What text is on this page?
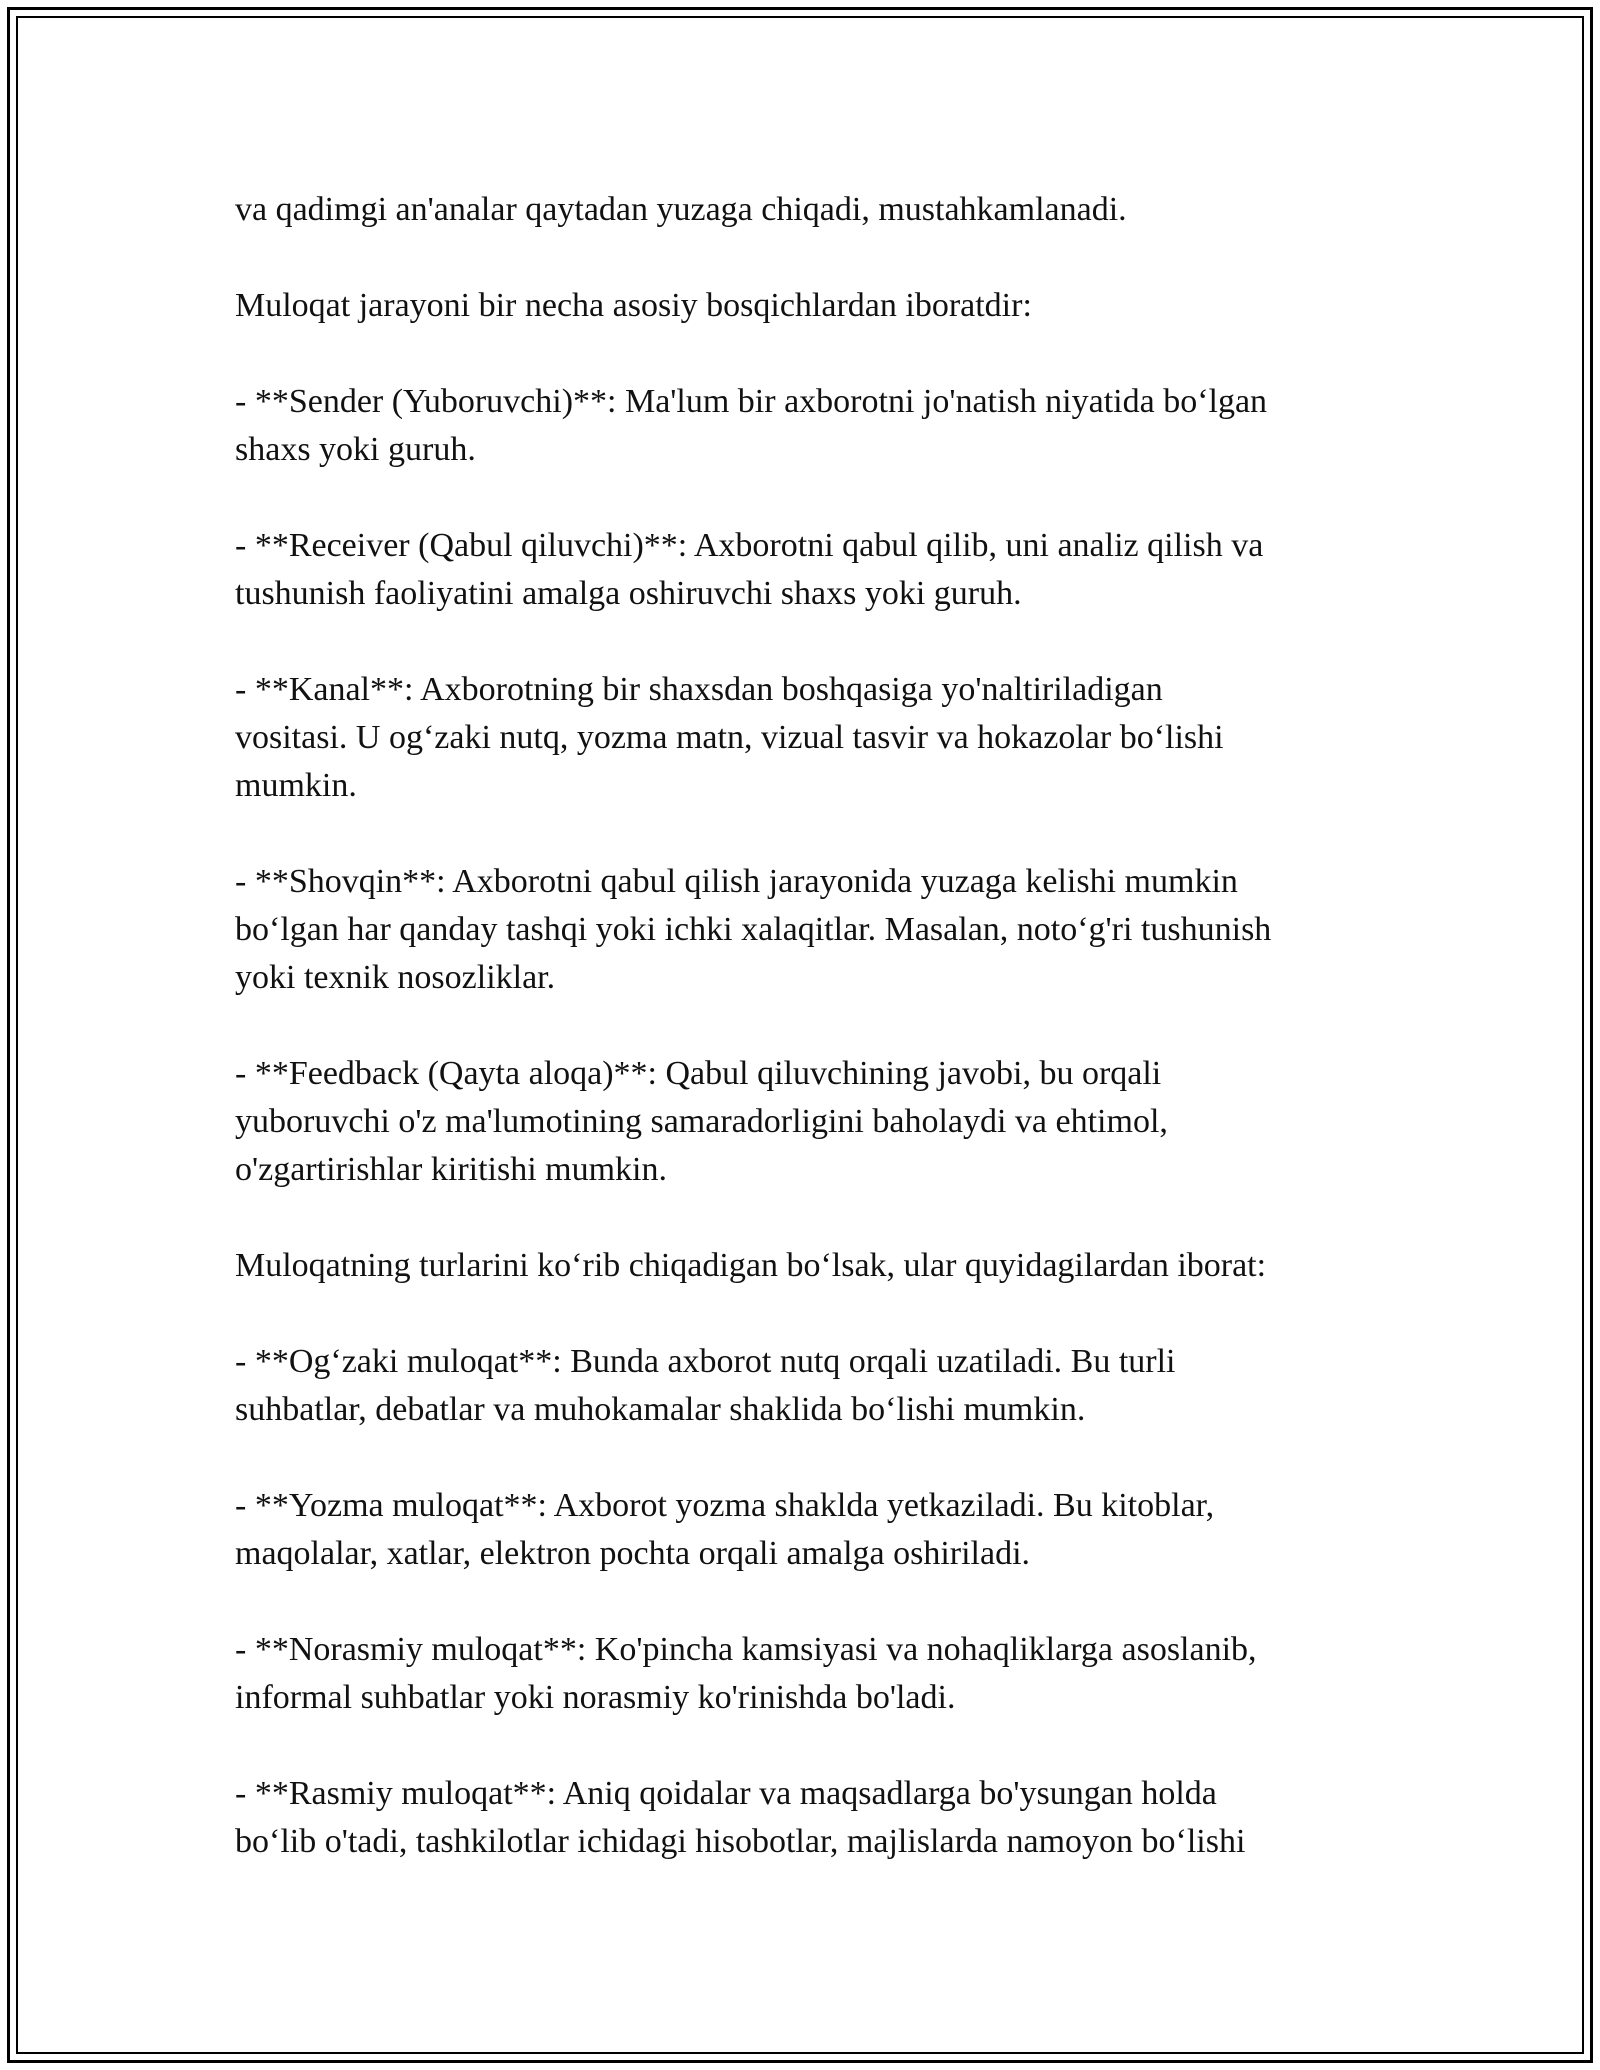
va qadimgi an'analar qaytadan yuzaga chiqadi, mustahkamlanadi.

Muloqat jarayoni bir necha asosiy bosqichlardan iboratdir:

- **Sender (Yuboruvchi)**: Ma'lum bir axborotni jo'natish niyatida bo‘lgan
shaxs yoki guruh.

- **Receiver (Qabul qiluvchi)**: Axborotni qabul qilib, uni analiz qilish va
tushunish faoliyatini amalga oshiruvchi shaxs yoki guruh.

- **Kanal**: Axborotning bir shaxsdan boshqasiga yo'naltiriladigan
vositasi. U og‘zaki nutq, yozma matn, vizual tasvir va hokazolar bo‘lishi
mumkin.

- **Shovqin**: Axborotni qabul qilish jarayonida yuzaga kelishi mumkin
bo‘lgan har qanday tashqi yoki ichki xalaqitlar. Masalan, noto‘g'ri tushunish
yoki texnik nosozliklar.

- **Feedback (Qayta aloqa)**: Qabul qiluvchining javobi, bu orqali
yuboruvchi o'z ma'lumotining samaradorligini baholaydi va ehtimol,
o'zgartirishlar kiritishi mumkin.

Muloqatning turlarini ko‘rib chiqadigan bo‘lsak, ular quyidagilardan iborat:

- **Og‘zaki muloqat**: Bunda axborot nutq orqali uzatiladi. Bu turli
suhbatlar, debatlar va muhokamalar shaklida bo‘lishi mumkin.

- **Yozma muloqat**: Axborot yozma shakldа yetkaziladi. Bu kitoblar,
maqolalar, xatlar, elektron pochta orqali amalga oshiriladi.

- **Norasmiy muloqat**: Ko'pincha kamsiyasi va nohaqliklarga asoslanib,
informal suhbatlar yoki norasmiy ko'rinishda bo'ladi.

- **Rasmiy muloqat**: Aniq qoidalar va maqsadlarga bo'ysungan holda
bo‘lib o'tadi, tashkilotlar ichidagi hisobotlar, majlislarda namoyon bo‘lishi
